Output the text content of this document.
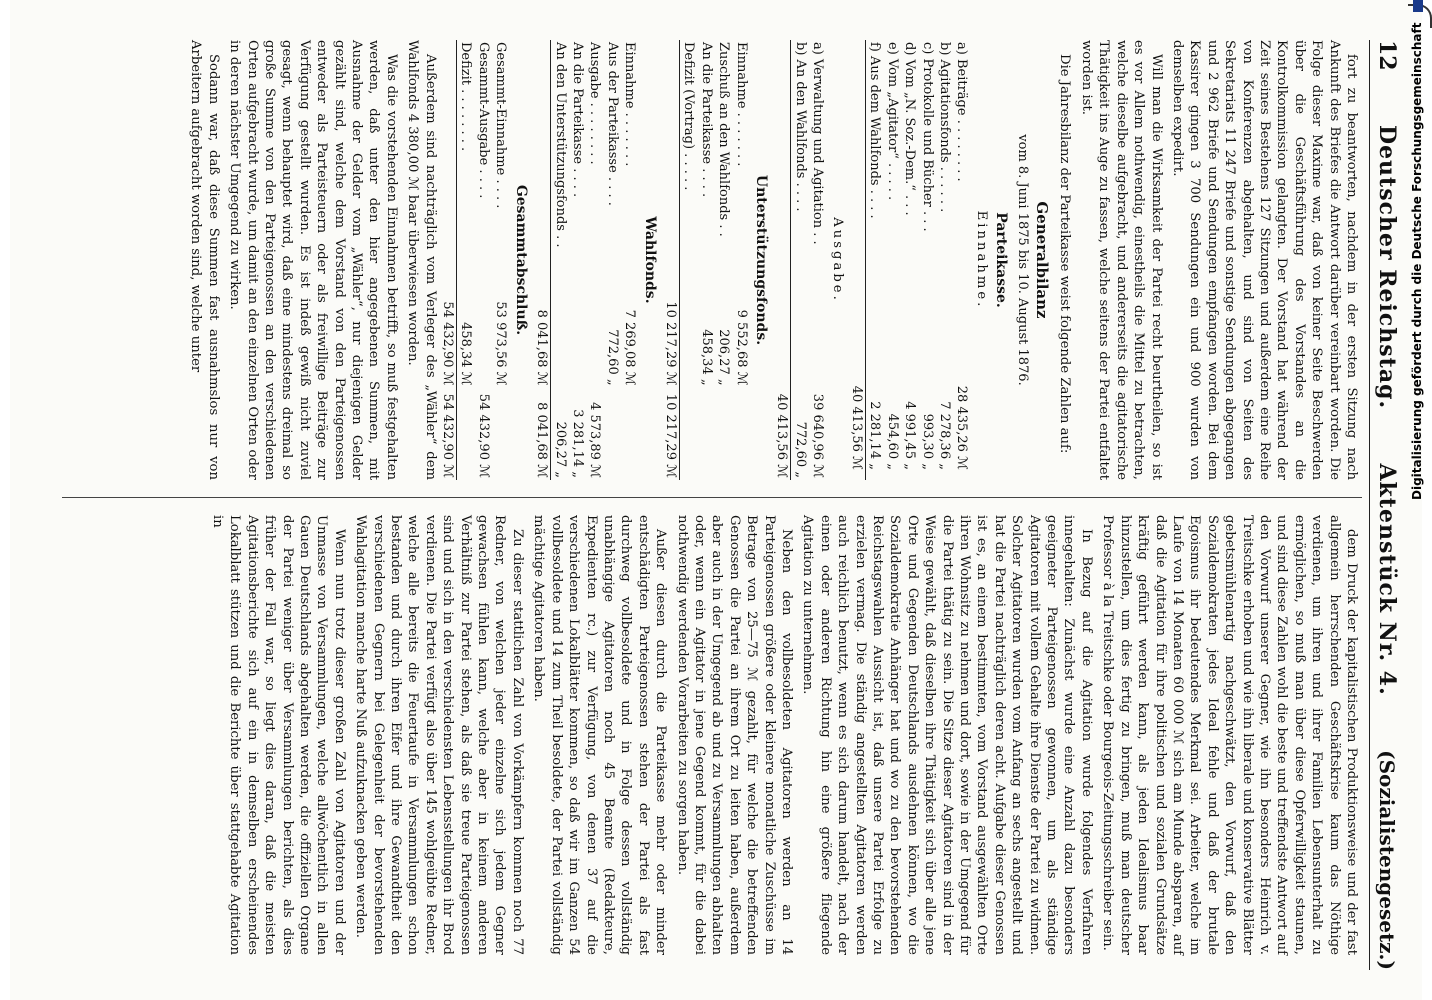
12
Deutscher Reichstag.
Aktenstück Nr. 4.
(Sozialistengesetz.)

fort zu beantworten, nachdem in der ersten Sitzung nach Ankunft des Briefes die Antwort darüber vereinbart worden. Die Folge dieser Maxime war, daß von keiner Seite Beschwerden über die Geschäftsführung des Vorstandes an die Kontrolkommission gelangten. Der Vorstand hat während der Zeit seines Bestehens 127 Sitzungen und außerdem eine Reihe von Konferenzen abgehalten, und sind von Seiten des Sekretariats 11 247 Briefe und sonstige Sendungen abgegangen und 2 962 Briefe und Sendungen empfangen worden. Bei dem Kassirer gingen 3 700 Sendungen ein und 900 wurden von demselben expedirt.

Will man die Wirksamkeit der Partei recht beurtheilen, so ist es vor Allem nothwendig, einestheils die Mittel zu betrachten, welche dieselbe aufgebracht, und andererseits die agitatorische Thätigkeit ins Auge zu fassen, welche seitens der Partei entfaltet worden ist.

Die Jahresbilanz der Parteikasse weist folgende Zahlen auf:

Generalbilanz
vom 8. Juni 1875 bis 10. August 1876.
Parteikasse.
Einnahme.
a) Beiträge . . . . . . . .	28 435,26 ℳ	
b) Agitationsfonds . . . . . .	7 278,36 „	
c) Protokolle und Bücher . . .	993,30 „	
d) Vom „N. Soz.-Dem.“ . . .	4 991,45 „	
e) Vom „Agitator“ . . . . .	454,60 „	
f) Aus dem Wahlfonds . . . .	2 281,14 „	
	40 413,56 ℳ	
Ausgabe.
a) Verwaltung und Agitation . .		39 640,96 ℳ
b) An den Wahlfonds . . . .		772,60 „
		40 413,56 ℳ
Unterstützungsfonds.
Einnahme . . . . . . .	9 552,68 ℳ	
Zuschuß an den Wahlfonds . .	206,27 „	
An die Parteikasse . . . .	458,34 „	
Defizit (Vortrag) . . . . .		
	10 217,29 ℳ	10 217,29 ℳ
Wahlfonds.
Einnahme . . . . . . .	7 269,08 ℳ	
Aus der Parteikasse . . . .	772,60 „	
Ausgabe . . . . . . . .		4 573,89 ℳ
An die Parteikasse . . . .		3 281,14 „
An den Unterstützungsfonds . .		206,27 „
	8 041,68 ℳ	8 041,68 ℳ
Gesammtabschluß.
Gesammt-Einnahme . . . .	53 973,56 ℳ	
Gesammt-Ausgabe . . . .		54 432,90 ℳ
Defizit . . . . . . . .	458,34 ℳ	
	54 432,90 ℳ	54 432,90 ℳ

Außerdem sind nachträglich vom Verleger des „Wähler“ dem Wahlfonds 4 380,00 ℳ baar überwiesen worden.

Was die vorstehenden Einnahmen betrifft, so muß festgehalten werden, daß unter den hier angegebenen Summen, mit Ausnahme der Gelder vom „Wähler“, nur diejenigen Gelder gezählt sind, welche dem Vorstand von den Parteigenossen entweder als Parteisteuern oder als freiwillige Beiträge zur Verfügung gestellt wurden. Es ist indeß gewiß nicht zuviel gesagt, wenn behauptet wird, daß eine mindestens dreimal so große Summe von den Parteigenossen an den verschiedenen Orten aufgebracht wurde, um damit an den einzelnen Orten oder in deren nächster Umgegend zu wirken.

Sodann war, daß diese Summen fast ausnahmslos nur von Arbeitern aufgebracht worden sind, welche unter

dem Druck der kapitalistischen Produktionsweise und der fast allgemein herrschenden Geschäftskrise kaum das Nöthige verdienen, um ihren und ihrer Familien Lebensunterhalt zu ermöglichen, so muß man über diese Opferwilligkeit staunen, und sind diese Zahlen wohl die beste und treffendste Antwort auf den Vorwurf unserer Gegner, wie ihn besonders Heinrich v. Treitschke erhoben und wie ihn liberale und konservative Blätter gebetsmühlenartig nachgeschwätzt, den Vorwurf, daß den Sozialdemokraten jedes Ideal fehle und daß der brutale Egoismus ihr bedeutendes Merkmal sei. Arbeiter, welche im Laufe von 14 Monaten 60 000 ℳ sich am Munde absparen, auf daß die Agitation für ihre politischen und sozialen Grundsätze kräftig geführt werden kann, als jeden Idealismus baar hinzustellen, um dies fertig zu bringen, muß man deutscher Professor à la Treitschke oder Bourgeois-Zeitungsschreiber sein.

In Bezug auf die Agitation wurde folgendes Verfahren innegehalten: Zunächst wurde eine Anzahl dazu besonders geeigneter Parteigenossen gewonnen, um als ständige Agitatoren mit vollem Gehalte ihre Dienste der Partei zu widmen. Solcher Agitatoren wurden vom Anfang an sechs angestellt und hat die Partei nachträglich deren acht. Aufgabe dieser Genossen ist es, an einem bestimmten, vom Vorstand ausgewählten Orte ihren Wohnsitz zu nehmen und dort, sowie in der Umgegend für die Partei thätig zu sein. Die Sitze dieser Agitatoren sind in der Weise gewählt, daß dieselben ihre Thätigkeit sich über alle jene Orte und Gegenden Deutschlands ausdehnen können, wo die Sozialdemokratie Anhänger hat und wo zu den bevorstehenden Reichstagswahlen Aussicht ist, daß unsere Partei Erfolge zu erzielen vermag. Die ständig angestellten Agitatoren werden auch reichlich benutzt, wenn es sich darum handelt, nach der einen oder anderen Richtung hin eine größere fliegende Agitation zu unternehmen.

Neben den vollbesoldeten Agitatoren werden an 14 Parteigenossen größere oder kleinere monatliche Zuschüsse im Betrage von 25—75 ℳ gezahlt, für welche die betreffenden Genossen die Partei an ihrem Ort zu leiten haben, außerdem aber auch in der Umgegend ab und zu Versammlungen abhalten oder, wenn ein Agitator in jene Gegend kommt, für die dabei nothwendig werdenden Vorarbeiten zu sorgen haben.

Außer diesen durch die Parteikasse mehr oder minder entschädigten Parteigenossen stehen der Partei als fast durchweg vollbesoldete und in Folge dessen vollständig unabhängige Agitatoren noch 45 Beamte (Redakteure, Expedienten rc.) zur Verfügung, von denen 37 auf die verschiedenen Lokalblätter kommen, so daß wir im Ganzen 54 vollbesoldete und 14 zum Theil besoldete, der Partei vollständig mächtige Agitatoren haben.

Zu dieser stattlichen Zahl von Vorkämpfern kommen noch 77 Redner, von welchen jeder einzelne sich jedem Gegner gewachsen fühlen kann, welche aber in keinem anderen Verhältniß zur Partei stehen, als daß sie treue Parteigenossen sind und sich in den verschiedensten Lebensstellungen ihr Brod verdienen. Die Partei verfügt also über 145 wohlgeübte Redner, welche alle bereits die Feuertaufe in Versammlungen schon bestanden und durch ihren Eifer und ihre Gewandtheit den verschiedenen Gegnern bei Gelegenheit der bevorstehenden Wahlagitation manche harte Nuß aufzuknacken geben werden.

Wenn nun trotz dieser großen Zahl von Agitatoren und der Unmasse von Versammlungen, welche allwöchentlich in allen Gauen Deutschlands abgehalten werden, die offiziellen Organe der Partei weniger über Versammlungen berichten, als dies früher der Fall war, so liegt dies daran, daß die meisten Agitationsberichte sich auf ein in demselben erscheinendes Lokalblatt stützen und die Berichte über stattgehabte Agitation in

Digitalisierung gefördert durch die Deutsche Forschungsgemeinschaft
